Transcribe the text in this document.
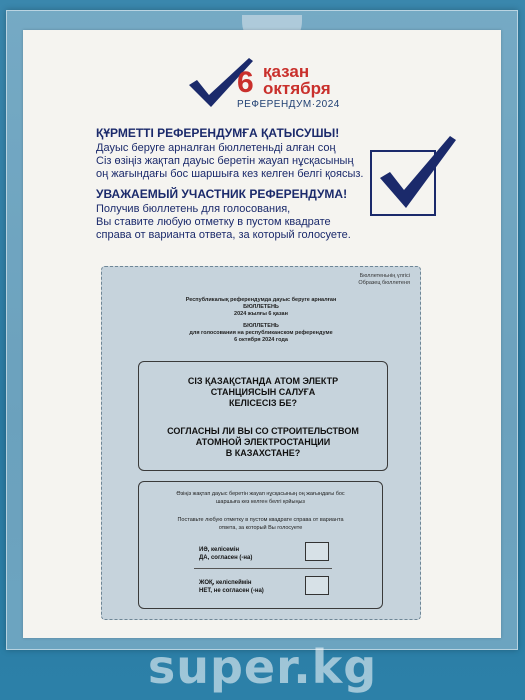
6 қазан
октября
РЕФЕРЕНДУМ·2024
ҚҰРМЕТТІ РЕФЕРЕНДУМҒА ҚАТЫСУШЫ!
Дауыс беруге арналған бюллетеньді алған соң
Сіз өзіңіз жақтап дауыс беретін жауап нұсқасының
оң жағындағы бос шаршыға кез келген белгі қоясыз.
УВАЖАЕМЫЙ УЧАСТНИК РЕФЕРЕНДУМА!
Получив бюллетень для голосования,
Вы ставите любую отметку в пустом квадрате
справа от варианта ответа, за который голосуете.
Бюллетеньнің үлгісі
Образец бюллетеня
Республикалық референдумда дауыс беруге арналған
БЮЛЛЕТЕНЬ
2024 жылғы 6 қазан
БЮЛЛЕТЕНЬ
для голосования на республиканском референдуме
6 октября 2024 года
СІЗ ҚАЗАҚСТАНДА АТОМ ЭЛЕКТР
СТАНЦИЯСЫН САЛУҒА
КЕЛІСЕСІЗ БЕ?
СОГЛАСНЫ ЛИ ВЫ СО СТРОИТЕЛЬСТВОМ
АТОМНОЙ ЭЛЕКТРОСТАНЦИИ
В КАЗАХСТАНЕ?
Өзіңіз жақтап дауыс беретін жауап нұсқасының оң жағындағы бос
шаршыға кез келген белгі қойыңыз
Поставьте любую отметку в пустом квадрате справа от варианта
ответа, за который Вы голосуете
ИӘ, келісемін
ДА, согласен (-на)
ЖОҚ, келіспеймін
НЕТ, не согласен (-на)
super.kg
